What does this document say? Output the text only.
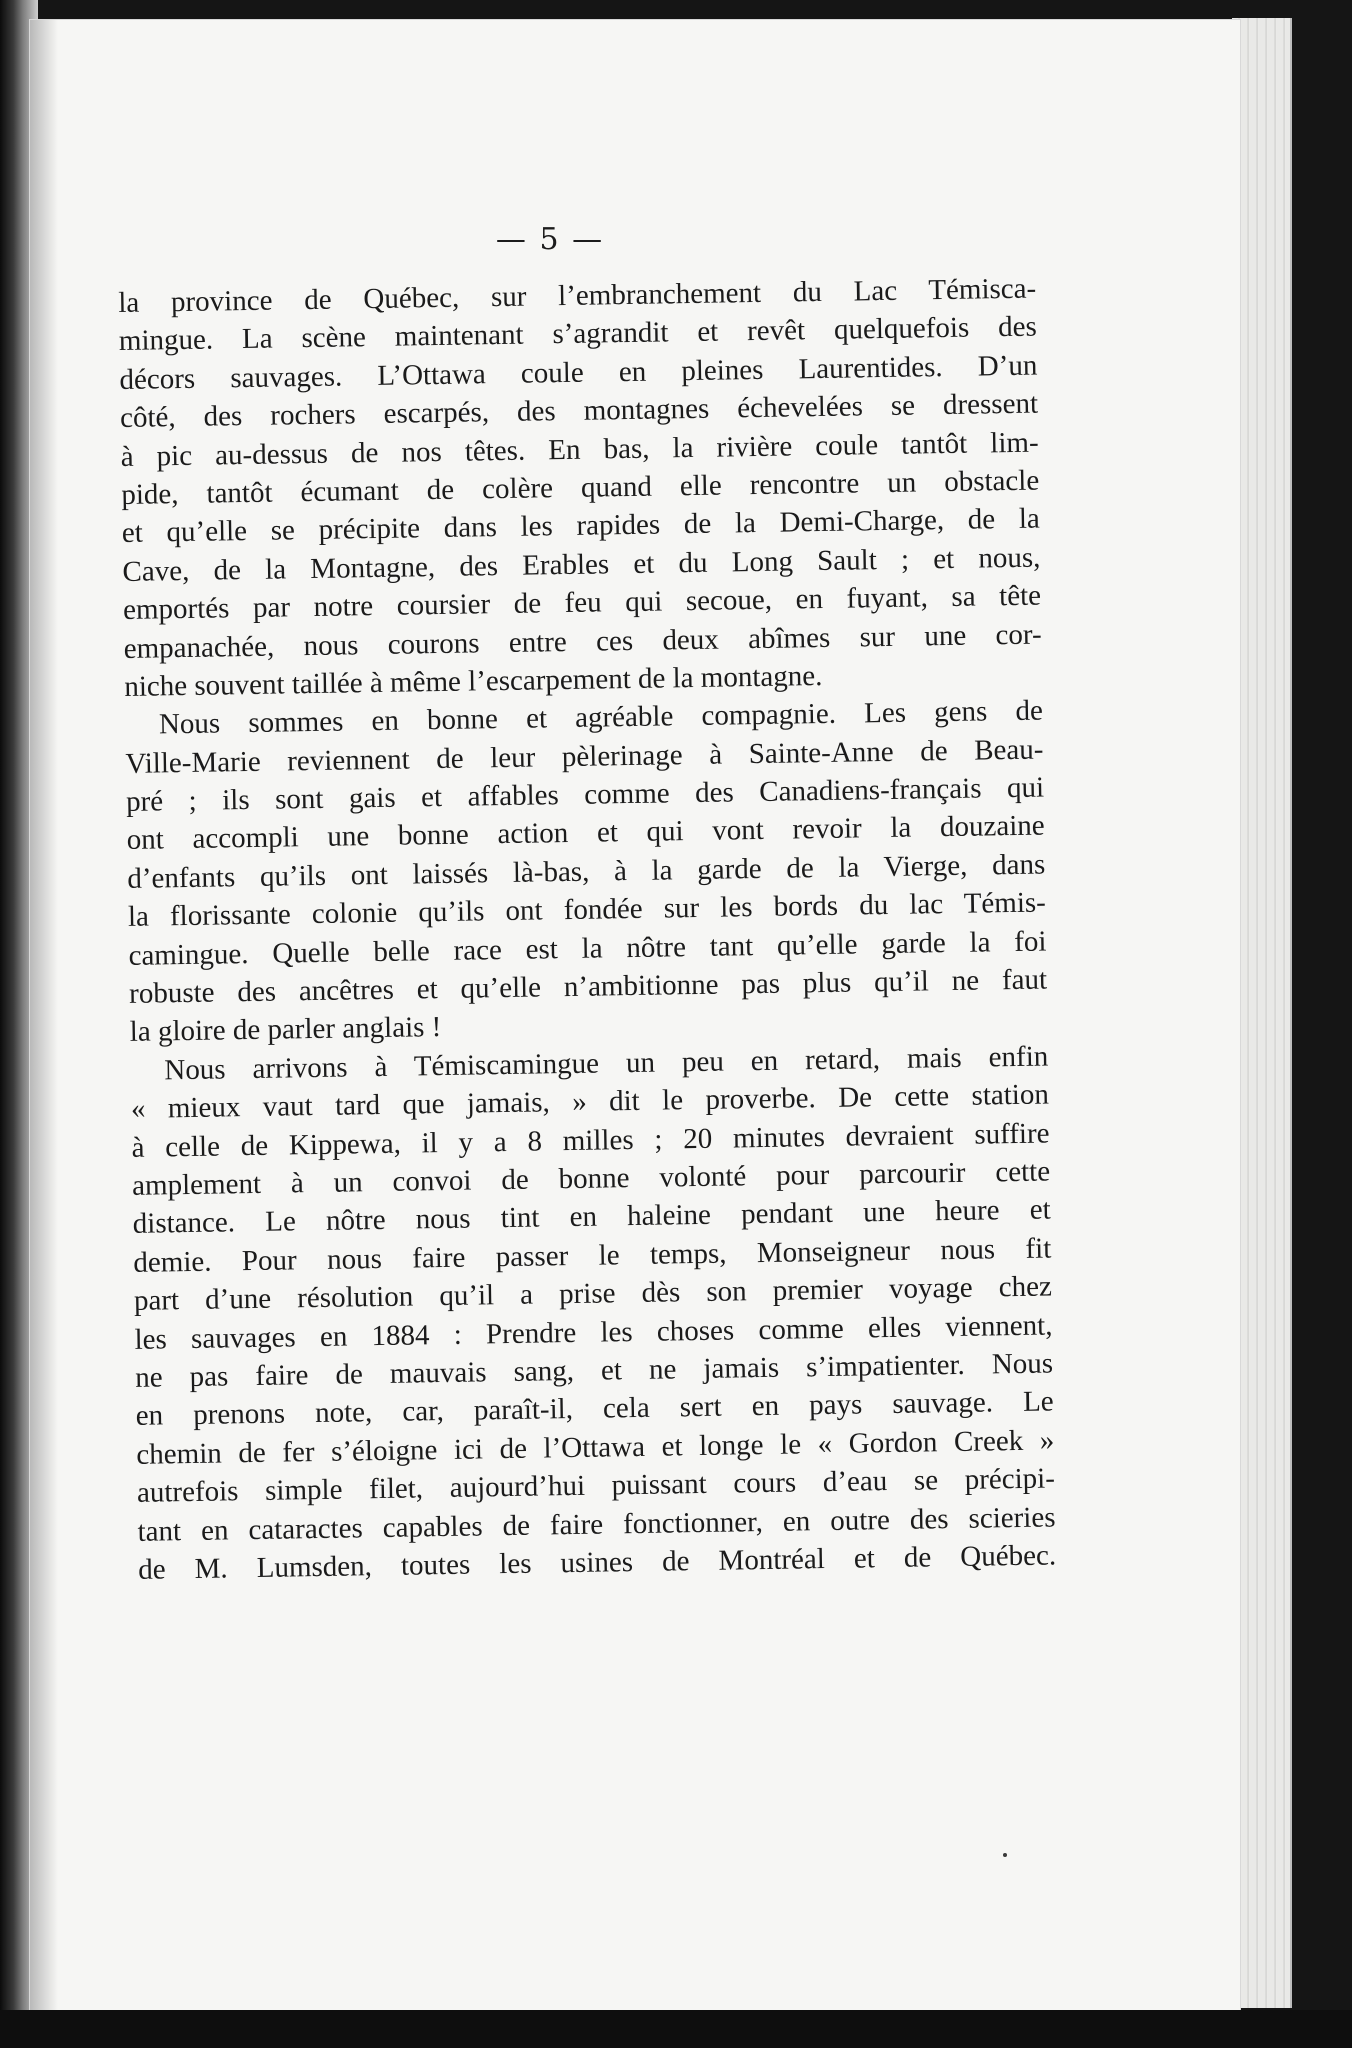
— 5 —
la province de Québec, sur l’embranchement du Lac Témisca-
mingue. La scène maintenant s’agrandit et revêt quelquefois des
décors sauvages. L’Ottawa coule en pleines Laurentides. D’un
côté, des rochers escarpés, des montagnes échevelées se dressent
à pic au-dessus de nos têtes. En bas, la rivière coule tantôt lim-
pide, tantôt écumant de colère quand elle rencontre un obstacle
et qu’elle se précipite dans les rapides de la Demi-Charge, de la
Cave, de la Montagne, des Erables et du Long Sault ; et nous,
emportés par notre coursier de feu qui secoue, en fuyant, sa tête
empanachée, nous courons entre ces deux abîmes sur une cor-
niche souvent taillée à même l’escarpement de la montagne.
Nous sommes en bonne et agréable compagnie. Les gens de
Ville-Marie reviennent de leur pèlerinage à Sainte-Anne de Beau-
pré ; ils sont gais et affables comme des Canadiens-français qui
ont accompli une bonne action et qui vont revoir la douzaine
d’enfants qu’ils ont laissés là-bas, à la garde de la Vierge, dans
la florissante colonie qu’ils ont fondée sur les bords du lac Témis-
camingue. Quelle belle race est la nôtre tant qu’elle garde la foi
robuste des ancêtres et qu’elle n’ambitionne pas plus qu’il ne faut
la gloire de parler anglais !
Nous arrivons à Témiscamingue un peu en retard, mais enfin
« mieux vaut tard que jamais, » dit le proverbe. De cette station
à celle de Kippewa, il y a 8 milles ; 20 minutes devraient suffire
amplement à un convoi de bonne volonté pour parcourir cette
distance. Le nôtre nous tint en haleine pendant une heure et
demie. Pour nous faire passer le temps, Monseigneur nous fit
part d’une résolution qu’il a prise dès son premier voyage chez
les sauvages en 1884 : Prendre les choses comme elles viennent,
ne pas faire de mauvais sang, et ne jamais s’impatienter. Nous
en prenons note, car, paraît-il, cela sert en pays sauvage. Le
chemin de fer s’éloigne ici de l’Ottawa et longe le « Gordon Creek »
autrefois simple filet, aujourd’hui puissant cours d’eau se précipi-
tant en cataractes capables de faire fonctionner, en outre des scieries
de M. Lumsden, toutes les usines de Montréal et de Québec.
